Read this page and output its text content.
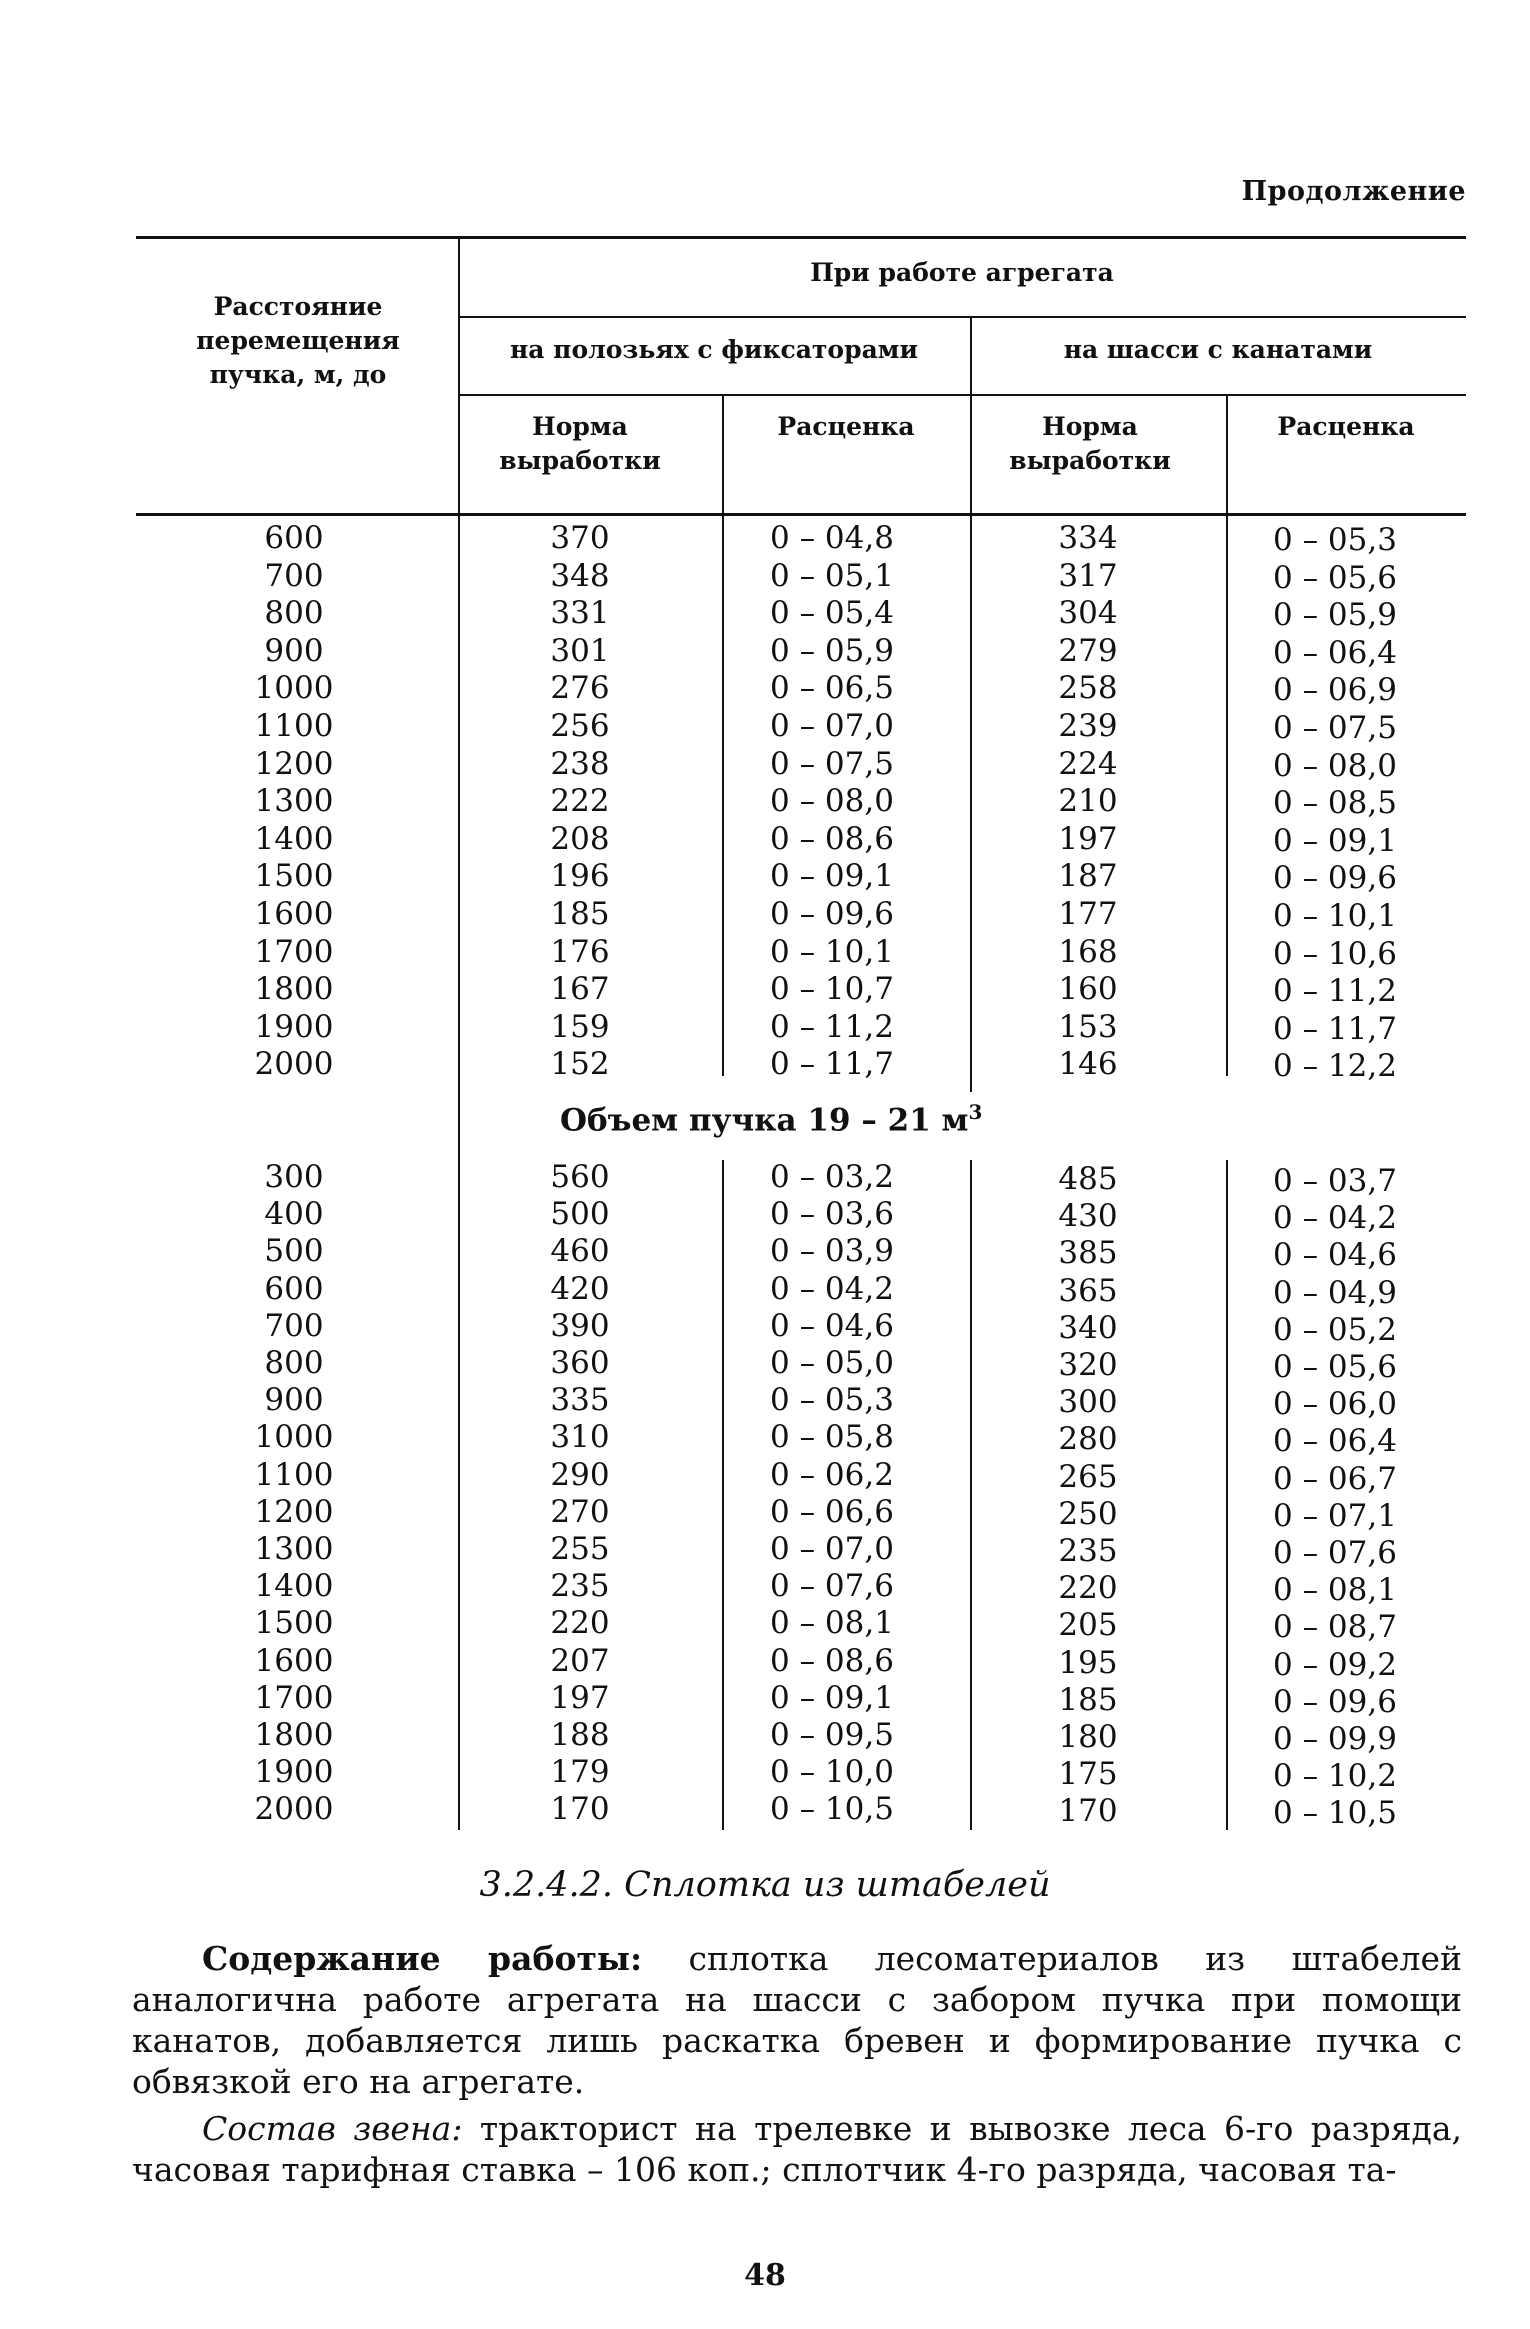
Продолжение
Расстояние перемещения пучка, м, до
При работе агрегата
на полозьях с фиксаторами	на шасси с канатами
Норма выработки
Расценка	Норма выработки
Расценка
600
700
800
900
1000
1100
1200
1300
1400
1500
1600
1700
1800
1900
2000
370
348
331
301
276
256
238
222
208
196
185
176
167
159
152
0 – 04,8
0 – 05,1
0 – 05,4
0 – 05,9
0 – 06,5
0 – 07,0
0 – 07,5
0 – 08,0
0 – 08,6
0 – 09,1
0 – 09,6
0 – 10,1
0 – 10,7
0 – 11,2
0 – 11,7
334
317
304
279
258
239
224
210
197
187
177
168
160
153
146
0 – 05,3
0 – 05,6
0 – 05,9
0 – 06,4
0 – 06,9
0 – 07,5
0 – 08,0
0 – 08,5
0 – 09,1
0 – 09,6
0 – 10,1
0 – 10,6
0 – 11,2
0 – 11,7
0 – 12,2
Объем пучка 19 – 21 $м^3$
300
400
500
600
700
800
900
1000
1100
1200
1300
1400
1500
1600
1700
1800
1900
2000
560
500
460
420
390
360
335
310
290
270
255
235
220
207
197
188
179
170
0 – 03,2
0 – 03,6
0 – 03,9
0 – 04,2
0 – 04,6
0 – 05,0
0 – 05,3
0 – 05,8
0 – 06,2
0 – 06,6
0 – 07,0
0 – 07,6
0 – 08,1
0 – 08,6
0 – 09,1
0 – 09,5
0 – 10,0
0 – 10,5
485
430
385
365
340
320
300
280
265
250
235
220
205
195
185
180
175
170
0 – 03,7
0 – 04,2
0 – 04,6
0 – 04,9
0 – 05,2
0 – 05,6
0 – 06,0
0 – 06,4
0 – 06,7
0 – 07,1
0 – 07,6
0 – 08,1
0 – 08,7
0 – 09,2
0 – 09,6
0 – 09,9
0 – 10,2
0 – 10,5
3.2.4.2. Сплотка из штабелей
Содержание работы: сплотка лесоматериалов из штабелей аналогична работе агрегата на шасси с забором пучка при помощи канатов, добавляется лишь раскатка бревен и формирование пучка с обвязкой его на агрегате.
Состав звена: тракторист на трелевке и вывозке леса 6-го разряда, часовая тарифная ставка – 106 коп.; сплотчик 4-го разряда, часовая та-
48
